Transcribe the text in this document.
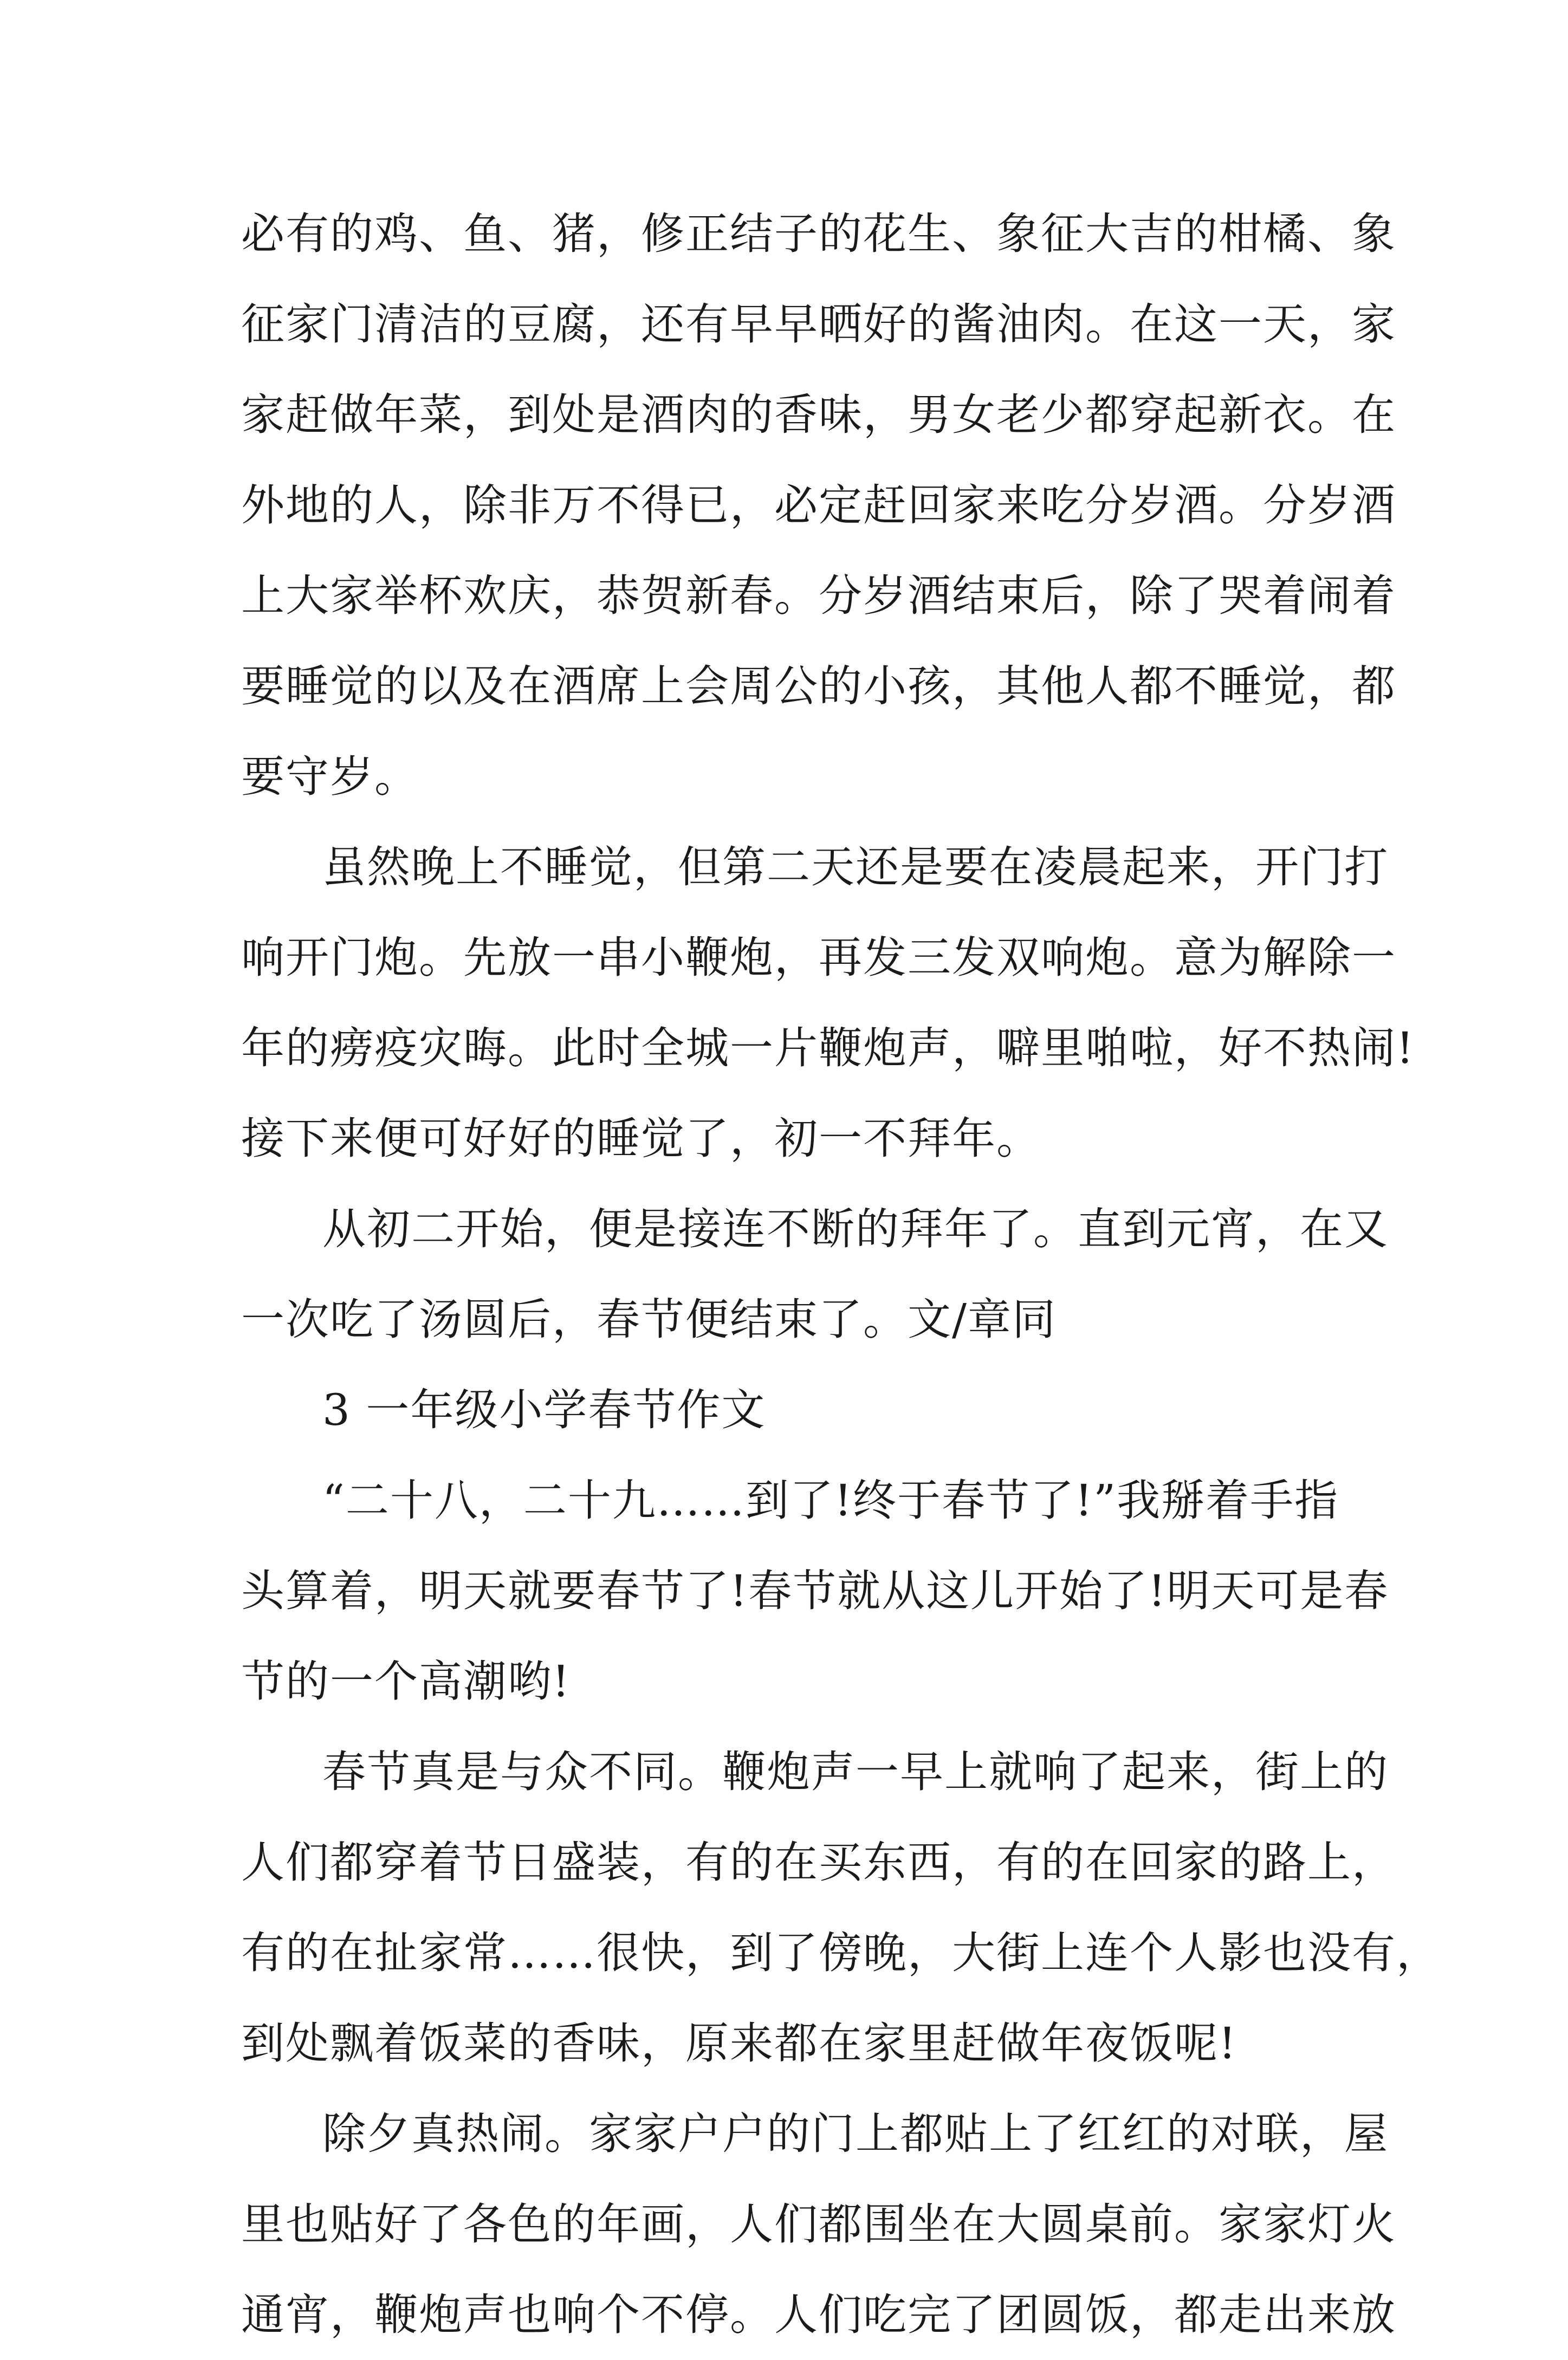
必有的鸡、鱼、猪，修正结子的花生、象征大吉的柑橘、象
征家门清洁的豆腐，还有早早晒好的酱油肉。在这一天，家
家赶做年菜，到处是酒肉的香味，男女老少都穿起新衣。在
外地的人，除非万不得已，必定赶回家来吃分岁酒。分岁酒
上大家举杯欢庆，恭贺新春。分岁酒结束后，除了哭着闹着
要睡觉的以及在酒席上会周公的小孩，其他人都不睡觉，都
要守岁。
虽然晚上不睡觉，但第二天还是要在凌晨起来，开门打
响开门炮。先放一串小鞭炮，再发三发双响炮。意为解除一
年的痨疫灾晦。此时全城一片鞭炮声，噼里啪啦，好不热闹!
接下来便可好好的睡觉了，初一不拜年。
从初二开始，便是接连不断的拜年了。直到元宵，在又
一次吃了汤圆后，春节便结束了。文/章同
3 一年级小学春节作文
“二十八，二十九……到了!终于春节了!”我掰着手指
头算着，明天就要春节了!春节就从这儿开始了!明天可是春
节的一个高潮哟!
春节真是与众不同。鞭炮声一早上就响了起来，街上的
人们都穿着节日盛装，有的在买东西，有的在回家的路上，
有的在扯家常……很快，到了傍晚，大街上连个人影也没有，
到处飘着饭菜的香味，原来都在家里赶做年夜饭呢!
除夕真热闹。家家户户的门上都贴上了红红的对联，屋
里也贴好了各色的年画，人们都围坐在大圆桌前。家家灯火
通宵，鞭炮声也响个不停。人们吃完了团圆饭，都走出来放
